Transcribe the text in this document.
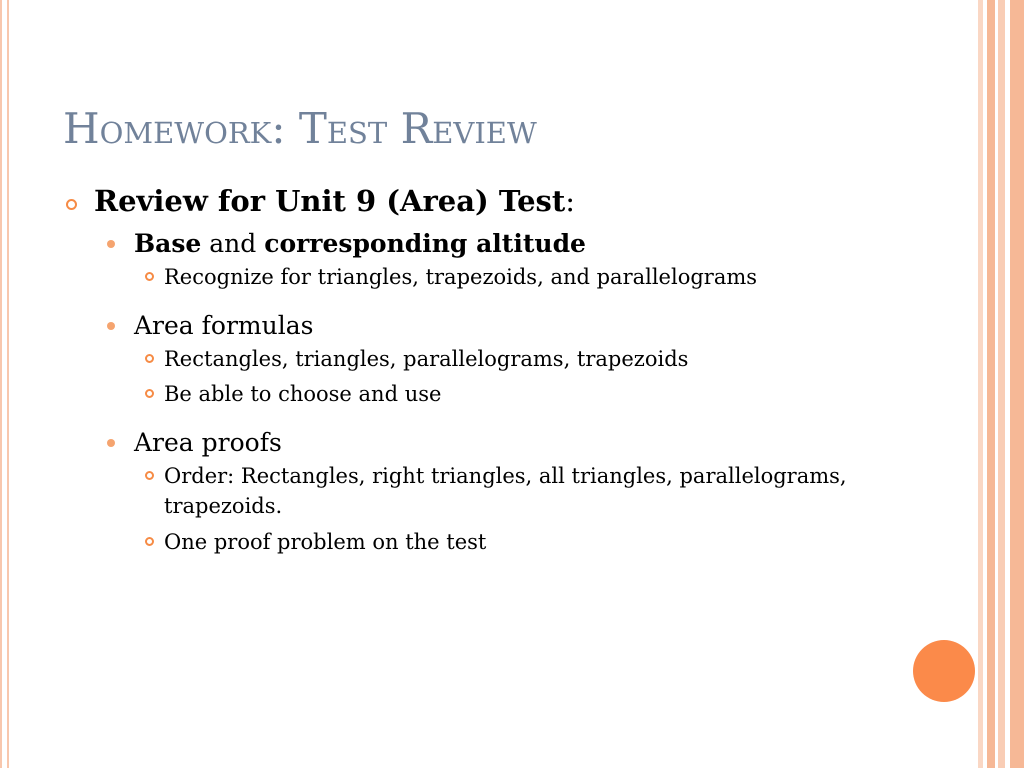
Homework: Test Review
Review for Unit 9 (Area) Test:
Base and corresponding altitude
Recognize for triangles, trapezoids, and parallelograms
Area formulas
Rectangles, triangles, parallelograms, trapezoids
Be able to choose and use
Area proofs
Order: Rectangles, right triangles, all triangles, parallelograms, trapezoids.
One proof problem on the test
